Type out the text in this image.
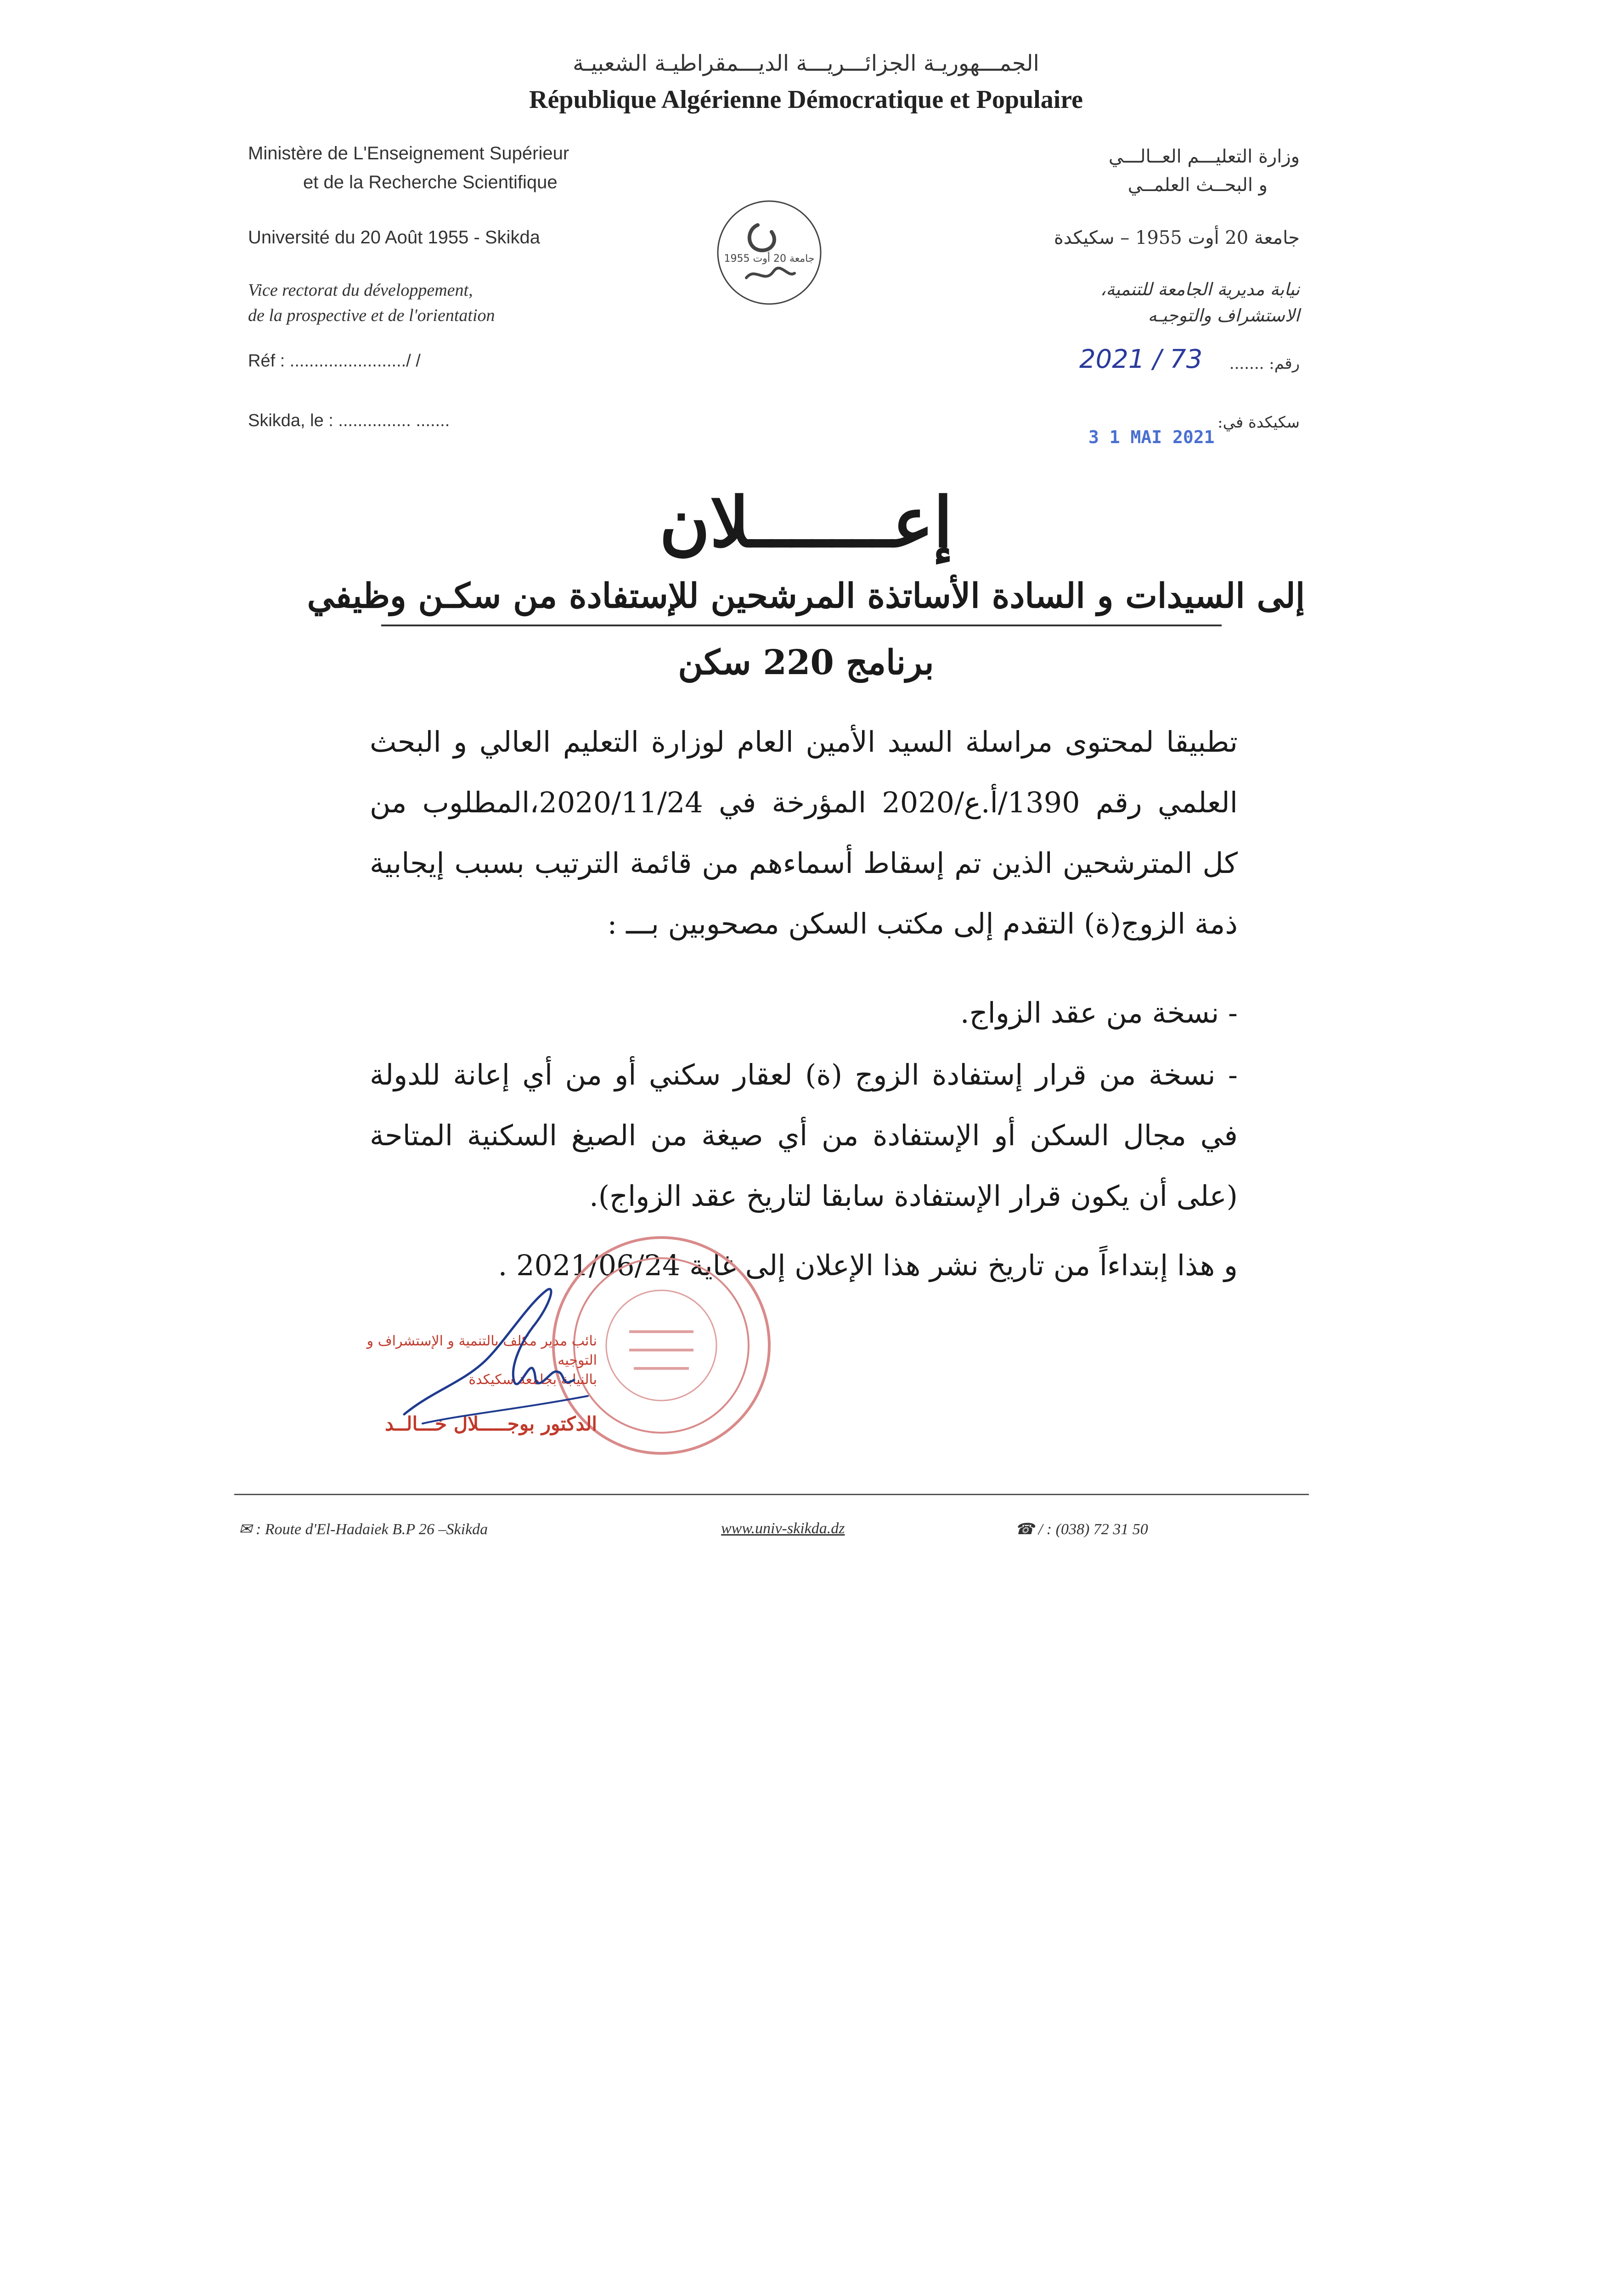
الجمـــهوريـة الجزائـــريـــة الديـــمقراطيـة الشعبيـة
République Algérienne Démocratique et Populaire
Ministère de L'Enseignement Supérieur
et de la Recherche Scientifique
Université du 20 Août 1955 - Skikda
Vice rectorat du développement,
de la prospective et de l'orientation
Réf : ......................../ /
Skikda, le : ............... .......
وزارة التعليـــم العــالـــي
و البحــث العلمــي
جامعة 20 أوت 1955 – سكيكدة
نيابة مديرية الجامعة للتنمية،
الاستشراف والتوجيـه
رقم: .......
2021 / 73
سكيكدة في:
3 1 MAI 2021
جامعة 20 أوت 1955
إعـــــــلان
إلى السيدات و السادة الأساتذة المرشحين للإستفادة من سكـن وظيفي
برنامج 220 سكن
تطبيقا لمحتوى مراسلة السيد الأمين العام لوزارة التعليم العالي و البحث العلمي رقم 1390/أ.ع/2020 المؤرخة في 2020/11/24،المطلوب من كل المترشحين الذين تم إسقاط أسماءهم من قائمة الترتيب بسبب إيجابية ذمة الزوج(ة) التقدم إلى مكتب السكن مصحوبين بـــ :
- نسخة من عقد الزواج.
- نسخة من قرار إستفادة الزوج (ة) لعقار سكني أو من أي إعانة للدولة في مجال السكن أو الإستفادة من أي صيغة من الصيغ السكنية المتاحة (على أن يكون قرار الإستفادة سابقا لتاريخ عقد الزواج).
و هذا إبتداءاً من تاريخ نشر هذا الإعلان إلى غاية 2021/06/24 .
نائب مدير مكلف بالتنمية و الإستشراف و التوجيه
بالنيابة بجامعة سكيكدة
الدكتور بوجـــــلال خـــالــد
✉ : Route d'El-Hadaiek B.P 26 –Skikda	www.univ-skikda.dz	☎ / : (038) 72 31 50
